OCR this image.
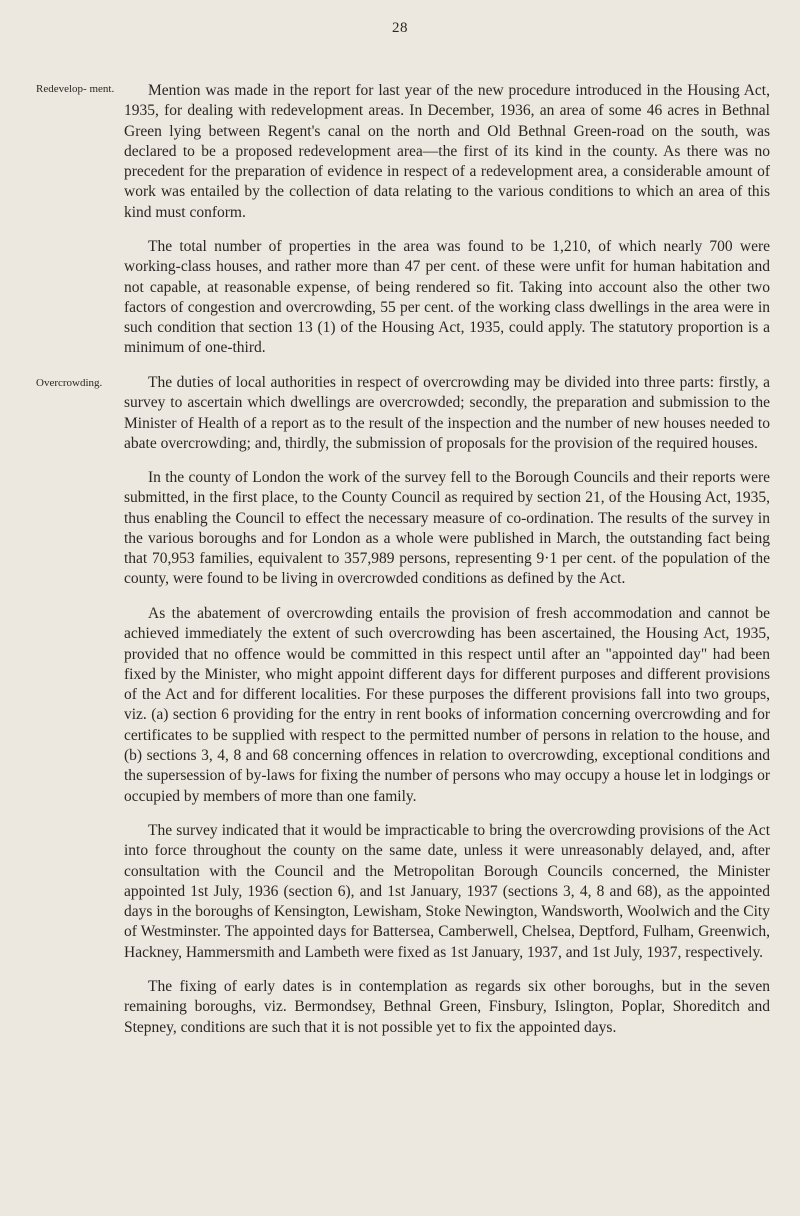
28
Redevelop- ment.
Overcrowding.

Mention was made in the report for last year of the new procedure introduced in the Housing Act, 1935, for dealing with redevelopment areas. In December, 1936, an area of some 46 acres in Bethnal Green lying between Regent's canal on the north and Old Bethnal Green-road on the south, was declared to be a proposed redevelopment area—the first of its kind in the county. As there was no precedent for the preparation of evidence in respect of a redevelopment area, a considerable amount of work was entailed by the collection of data relating to the various conditions to which an area of this kind must conform.

The total number of properties in the area was found to be 1,210, of which nearly 700 were working-class houses, and rather more than 47 per cent. of these were unfit for human habitation and not capable, at reasonable expense, of being rendered so fit. Taking into account also the other two factors of congestion and overcrowding, 55 per cent. of the working class dwellings in the area were in such condition that section 13 (1) of the Housing Act, 1935, could apply. The statutory proportion is a minimum of one-third.

The duties of local authorities in respect of overcrowding may be divided into three parts: firstly, a survey to ascertain which dwellings are overcrowded; secondly, the preparation and submission to the Minister of Health of a report as to the result of the inspection and the number of new houses needed to abate overcrowding; and, thirdly, the submission of proposals for the provision of the required houses.

In the county of London the work of the survey fell to the Borough Councils and their reports were submitted, in the first place, to the County Council as required by section 21, of the Housing Act, 1935, thus enabling the Council to effect the necessary measure of co-ordination. The results of the survey in the various boroughs and for London as a whole were published in March, the outstanding fact being that 70,953 families, equivalent to 357,989 persons, representing 9·1 per cent. of the population of the county, were found to be living in overcrowded conditions as defined by the Act.

As the abatement of overcrowding entails the provision of fresh accommodation and cannot be achieved immediately the extent of such overcrowding has been ascertained, the Housing Act, 1935, provided that no offence would be committed in this respect until after an "appointed day" had been fixed by the Minister, who might appoint different days for different purposes and different provisions of the Act and for different localities. For these purposes the different provisions fall into two groups, viz. (a) section 6 providing for the entry in rent books of information concerning overcrowding and for certificates to be supplied with respect to the permitted number of persons in relation to the house, and (b) sections 3, 4, 8 and 68 concerning offences in relation to overcrowding, exceptional conditions and the supersession of by-laws for fixing the number of persons who may occupy a house let in lodgings or occupied by members of more than one family.

The survey indicated that it would be impracticable to bring the overcrowding provisions of the Act into force throughout the county on the same date, unless it were unreasonably delayed, and, after consultation with the Council and the Metropolitan Borough Councils concerned, the Minister appointed 1st July, 1936 (section 6), and 1st January, 1937 (sections 3, 4, 8 and 68), as the appointed days in the boroughs of Kensington, Lewisham, Stoke Newington, Wandsworth, Woolwich and the City of Westminster. The appointed days for Battersea, Camberwell, Chelsea, Deptford, Fulham, Greenwich, Hackney, Hammersmith and Lambeth were fixed as 1st January, 1937, and 1st July, 1937, respectively.

The fixing of early dates is in contemplation as regards six other boroughs, but in the seven remaining boroughs, viz. Bermondsey, Bethnal Green, Finsbury, Islington, Poplar, Shoreditch and Stepney, conditions are such that it is not possible yet to fix the appointed days.
